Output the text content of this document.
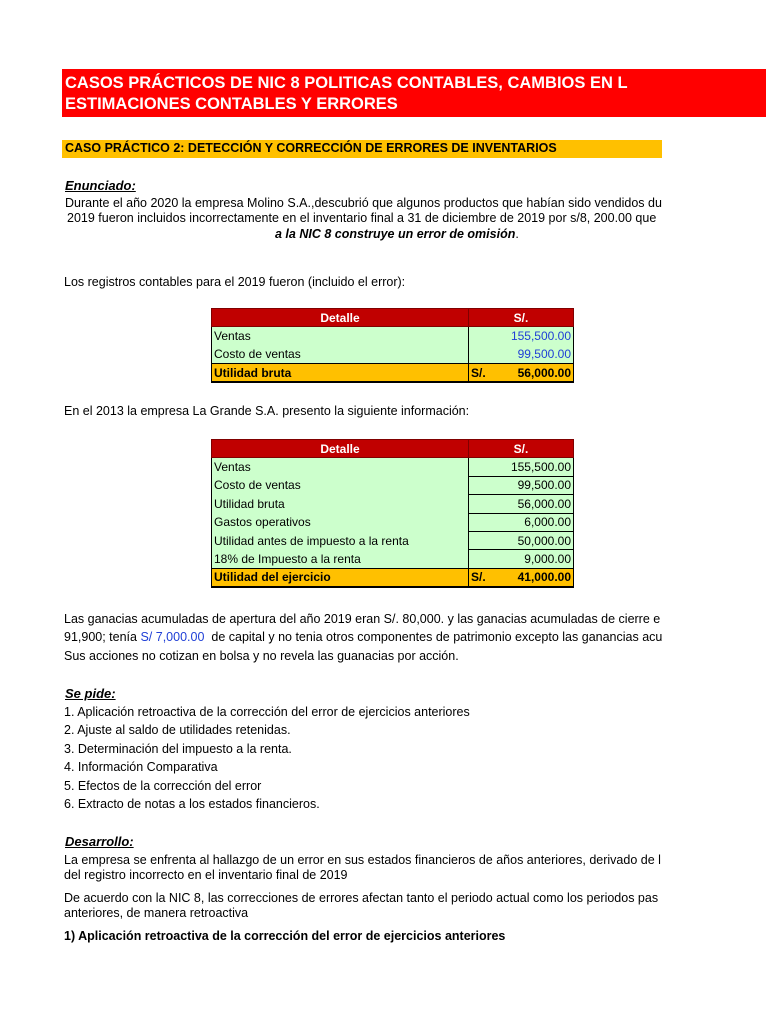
CASOS PRÁCTICOS DE NIC 8 POLITICAS CONTABLES, CAMBIOS EN L
ESTIMACIONES CONTABLES Y ERRORES
CASO PRÁCTICO 2: DETECCIÓN Y CORRECCIÓN DE ERRORES DE INVENTARIOS
Enunciado:
Durante el año 2020 la empresa Molino S.A.,descubrió que algunos productos que habían sido vendidos du
2019 fueron incluidos incorrectamente en el inventario final a 31 de diciembre de 2019 por s/8, 200.00 que
a la NIC 8 construye un error de omisión.
Los registros contables para el 2019 fueron (incluido el error):
Detalle	S/.	
Ventas	155,500.00	
Costo de ventas	99,500.00	
Utilidad bruta	S/.	56,000.00
En el 2013 la empresa La Grande S.A. presento la siguiente información:
Detalle	S/.	
Ventas	155,500.00	
Costo de ventas	99,500.00	
Utilidad bruta	56,000.00	
Gastos operativos	6,000.00	
Utilidad antes de impuesto a la renta	50,000.00	
18% de Impuesto a la renta	9,000.00	
Utilidad del ejercicio	S/.	41,000.00
Las ganacias acumuladas de apertura del año 2019 eran S/. 80,000. y las ganacias acumuladas de cierre e
91,900; tenía S/ 7,000.00 de capital y no tenia otros componentes de patrimonio excepto las ganancias acu
Sus acciones no cotizan en bolsa y no revela las guanacias por acción.
Se pide:
1. Aplicación retroactiva de la corrección del error de ejercicios anteriores
2. Ajuste al saldo de utilidades retenidas.
3. Determinación del impuesto a la renta.
4. Información Comparativa
5. Efectos de la corrección del error
6. Extracto de notas a los estados financieros.
Desarrollo:
La empresa se enfrenta al hallazgo de un error en sus estados financieros de años anteriores, derivado de l
del registro incorrecto en el inventario final de 2019
De acuerdo con la NIC 8, las correcciones de errores afectan tanto el periodo actual como los periodos pas
anteriores, de manera retroactiva
1) Aplicación retroactiva de la corrección del error de ejercicios anteriores
